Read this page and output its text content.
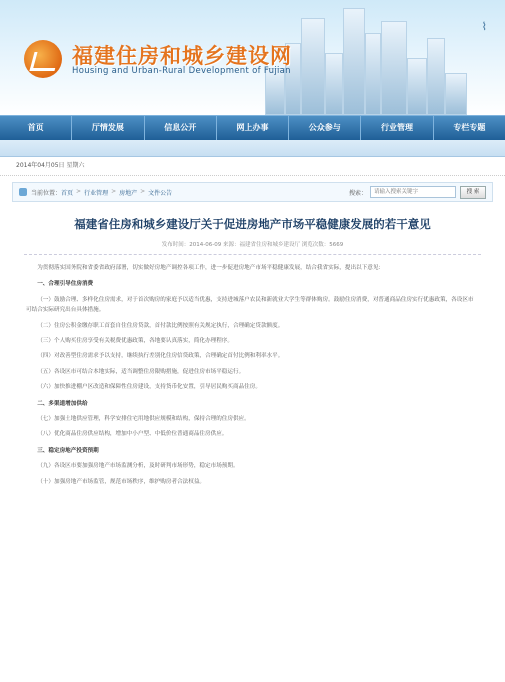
⌇
福建住房和城乡建设网
Housing and Urban-Rural Development of Fujian
首页	厅情发展	信息公开	网上办事	公众参与	行业管理	专栏专题
2014年04月05日 星期六
当前位置： 首页 > 行业管理 > 房地产 > 文件公告	搜索：
请输入搜索关键字	搜 索
福建省住房和城乡建设厅关于促进房地产市场平稳健康发展的若干意见
发布时间：2014-06-09 来源：福建省住房和城乡建设厅 浏览次数：5669

为贯彻落实国务院和省委省政府部署，切实做好房地产调控各项工作，进一步促进房地产市场平稳健康发展，结合我省实际，提出以下意见：

一、合理引导住房消费

（一）鼓励合理、多样化住房需求，对于首次购房的家庭予以适当优惠，支持进城落户农民和新就业大学生等群体购房。鼓励住房消费，对普通商品住房实行优惠政策，各设区市可结合实际研究出台具体措施。

（二）住房公积金缴存职工首套自住住房贷款，首付款比例按照有关规定执行，合理确定贷款额度。

（三）个人购买住房享受有关税费优惠政策，各地要认真落实，简化办理程序。

（四）对改善型住房需求予以支持，继续执行差别化住房信贷政策，合理确定首付比例和利率水平。

（五）各设区市可结合本地实际，适当调整住房限购措施，促进住房市场平稳运行。

（六）加快推进棚户区改造和保障性住房建设，支持货币化安置，引导居民购买商品住房。

二、多渠道增加供给

（七）加强土地供应管理，科学安排住宅用地供应规模和结构，保持合理的住房供应。

（八）优化商品住房供应结构，增加中小户型、中低价位普通商品住房供应。

三、稳定房地产投资预期

（九）各设区市要加强房地产市场监测分析，及时研判市场形势，稳定市场预期。

（十）加强房地产市场监管，规范市场秩序，维护购房者合法权益。
